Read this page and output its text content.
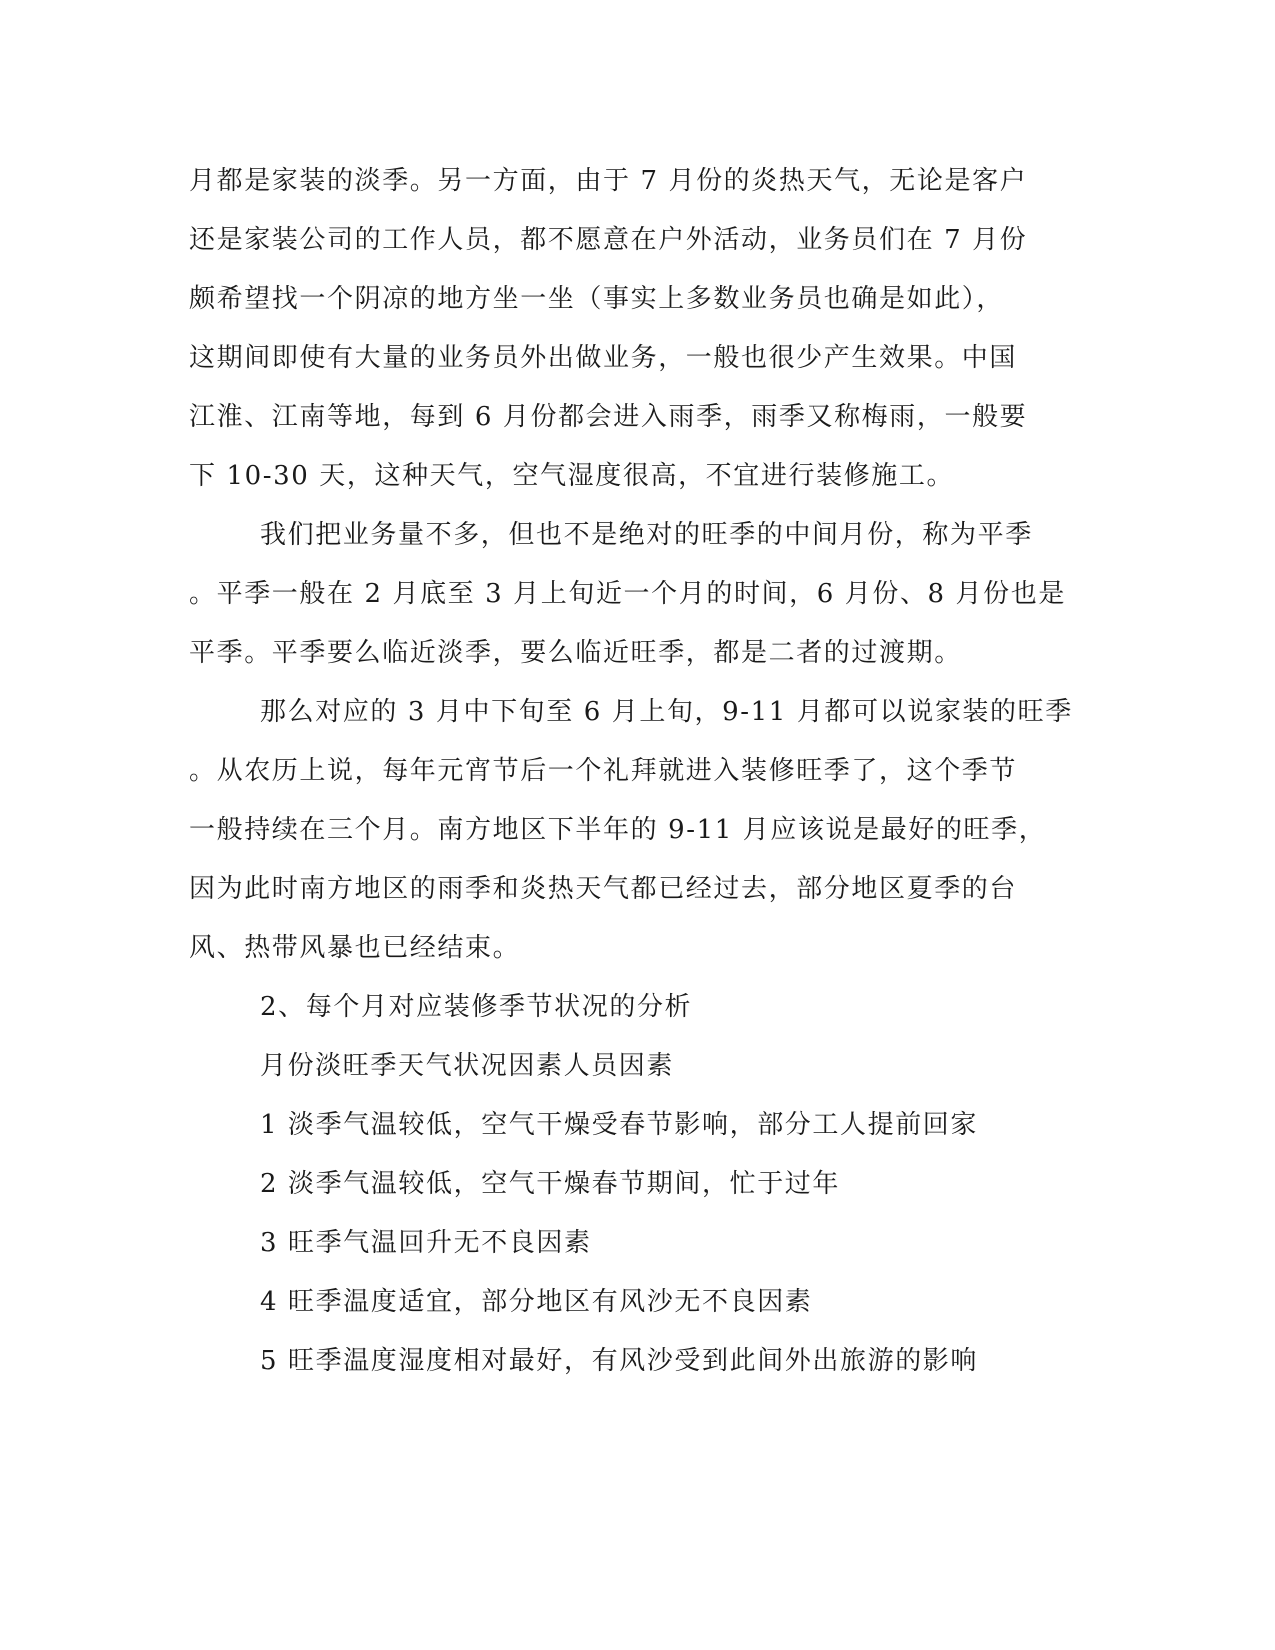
月都是家装的淡季。另一方面，由于 7 月份的炎热天气，无论是客户

还是家装公司的工作人员，都不愿意在户外活动，业务员们在 7 月份

颇希望找一个阴凉的地方坐一坐（事实上多数业务员也确是如此），

这期间即使有大量的业务员外出做业务，一般也很少产生效果。中国

江淮、江南等地，每到 6 月份都会进入雨季，雨季又称梅雨，一般要

下 10-30 天，这种天气，空气湿度很高，不宜进行装修施工。

我们把业务量不多，但也不是绝对的旺季的中间月份，称为平季

。平季一般在 2 月底至 3 月上旬近一个月的时间，6 月份、8 月份也是

平季。平季要么临近淡季，要么临近旺季，都是二者的过渡期。

那么对应的 3 月中下旬至 6 月上旬，9-11 月都可以说家装的旺季

。从农历上说，每年元宵节后一个礼拜就进入装修旺季了，这个季节

一般持续在三个月。南方地区下半年的 9-11 月应该说是最好的旺季，

因为此时南方地区的雨季和炎热天气都已经过去，部分地区夏季的台

风、热带风暴也已经结束。

2、每个月对应装修季节状况的分析

月份淡旺季天气状况因素人员因素

1 淡季气温较低，空气干燥受春节影响，部分工人提前回家

2 淡季气温较低，空气干燥春节期间，忙于过年

3 旺季气温回升无不良因素

4 旺季温度适宜，部分地区有风沙无不良因素

5 旺季温度湿度相对最好，有风沙受到此间外出旅游的影响
